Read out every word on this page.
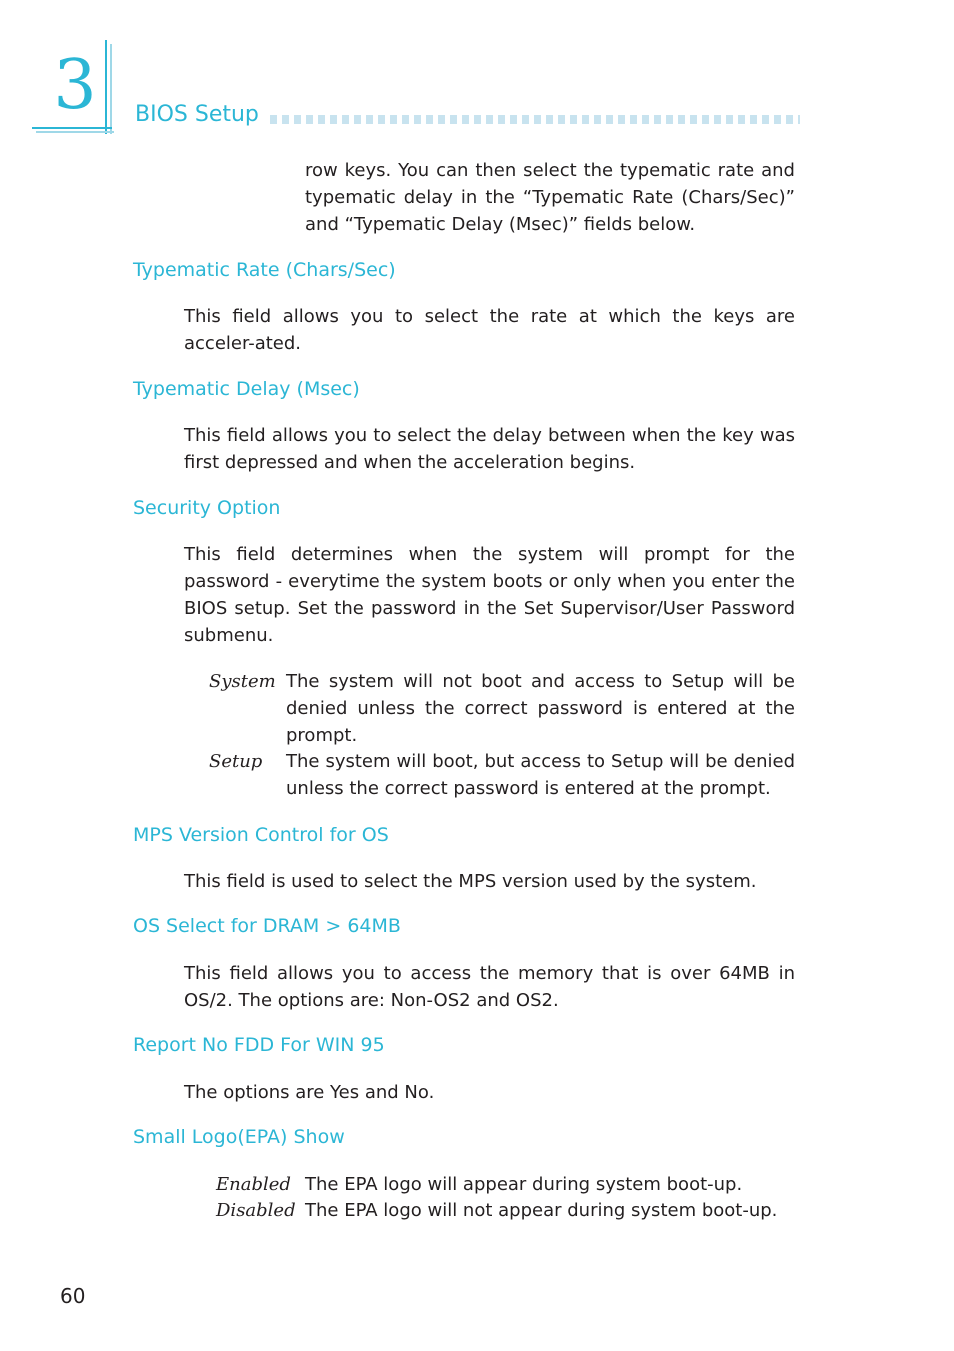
3 BIOS Setup

row keys. You can then select the typematic rate and typematic delay in the “Typematic Rate (Chars/Sec)” and “Typematic Delay (Msec)” fields below.

Typematic Rate (Chars/Sec)

This field allows you to select the rate at which the keys are acceler-ated.

Typematic Delay (Msec)

This field allows you to select the delay between when the key was first depressed and when the acceleration begins.

Security Option

This field determines when the system will prompt for the password - everytime the system boots or only when you enter the BIOS setup. Set the password in the Set Supervisor/User Password submenu.

System The system will not boot and access to Setup will be denied unless the correct password is entered at the prompt.

Setup The system will boot, but access to Setup will be denied unless the correct password is entered at the prompt.

MPS Version Control for OS

This field is used to select the MPS version used by the system.

OS Select for DRAM > 64MB

This field allows you to access the memory that is over 64MB in OS/2. The options are: Non-OS2 and OS2.

Report No FDD For WIN 95

The options are Yes and No.

Small Logo(EPA) Show
Enabled The EPA logo will appear during system boot-up.

Disabled The EPA logo will not appear during system boot-up.

60
